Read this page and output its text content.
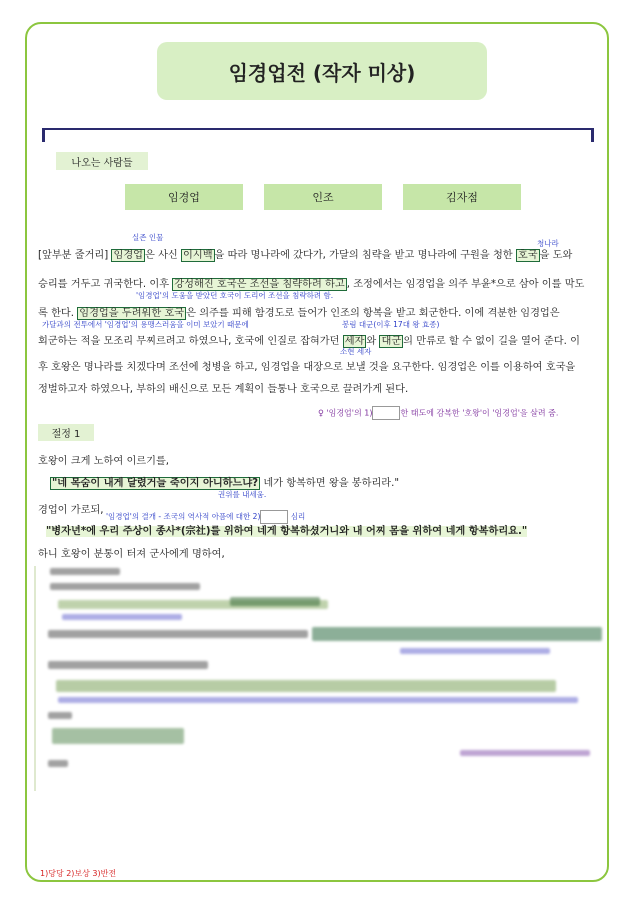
임경업전 (작자 미상)
나오는 사람들
임경업	인조	김자점
실존 인물
청나라
[앞부분 줄거리] 임경업 은 사신 이시백 을 따라 명나라에 갔다가, 가달의 침략을 받고 명나라에 구원을 청한 호국 을 도와
승리를 거두고 귀국한다. 이후 강성해진 호국은 조선을 침략하려 하고 , 조정에서는 임경업을 의주 부윤*으로 삼아 이를 막도
'임경업'의 도움을 받았던 호국이 도리어 조선을 침략하려 함.
록 한다. 임경업을 두려워한 호국 은 의주를 피해 함경도로 들어가 인조의 항복을 받고 회군한다. 이에 격분한 임경업은
가달과의 전투에서 '임경업'의 용맹스러움을 이미 보았기 때문에	봉림 대군(이후 17대 왕 효종)
회군하는 적을 모조리 무찌르려고 하였으나, 호국에 인질로 잡혀가던 세자 와 대군 의 만류로 할 수 없이 길을 열어 준다. 이
소현 세자
후 호왕은 명나라를 치겠다며 조선에 청병을 하고, 임경업을 대장으로 보낼 것을 요구한다. 임경업은 이를 이용하여 호국을
정벌하고자 하였으나, 부하의 배신으로 모든 계획이 들통나 호국으로 끌려가게 된다.
♀ '임경업'의 1)	한 태도에 감복한 '호왕'이 '임경업'을 살려 줌.
절정 1
호왕이 크게 노하여 이르기를,
"네 목숨이 내게 달렸거늘 죽이지 아니하느냐? 네가 항복하면 왕을 봉하리라."
권위를 내세움.
경업이 가로되,
'임경업'의 결개 - 조국의 역사적 아픔에 대한 2)	심리
"병자년*에 우리 주상이 종사*(宗社)를 위하여 네게 항복하셨거니와 내 어찌 몸을 위하여 네게 항복하리요."
하니 호왕이 분통이 터져 군사에게 명하여,
1)당당 2)보상 3)반전
